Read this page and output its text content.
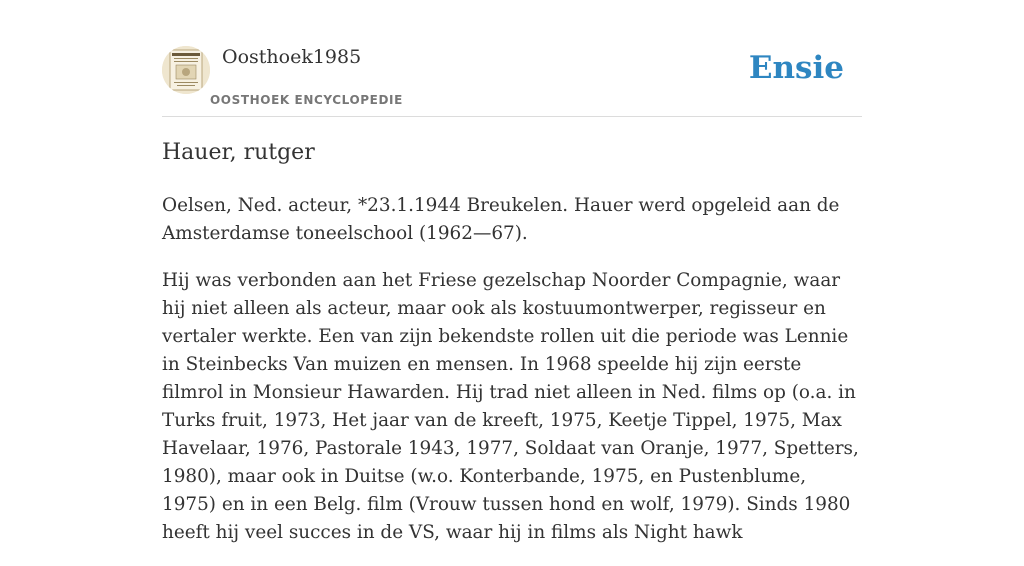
Oosthoek1985
OOSTHOEK ENCYCLOPEDIE
Ensie
Hauer, rutger

Oelsen, Ned. acteur, *23.1.1944 Breukelen. Hauer werd opgeleid aan de Amsterdamse toneelschool (1962—67).

Hij was verbonden aan het Friese gezelschap Noorder Compagnie, waar hij niet alleen als acteur, maar ook als kostuumontwerper, regisseur en vertaler werkte. Een van zijn bekendste rollen uit die periode was Lennie in Steinbecks Van muizen en mensen. In 1968 speelde hij zijn eerste filmrol in Monsieur Hawarden. Hij trad niet alleen in Ned. films op (o.a. in Turks fruit, 1973, Het jaar van de kreeft, 1975, Keetje Tippel, 1975, Max Havelaar, 1976, Pastorale 1943, 1977, Soldaat van Oranje, 1977, Spetters, 1980), maar ook in Duitse (w.o. Konterbande, 1975, en Pustenblume, 1975) en in een Belg. film (Vrouw tussen hond en wolf, 1979). Sinds 1980 heeft hij veel succes in de VS, waar hij in films als Night hawk
